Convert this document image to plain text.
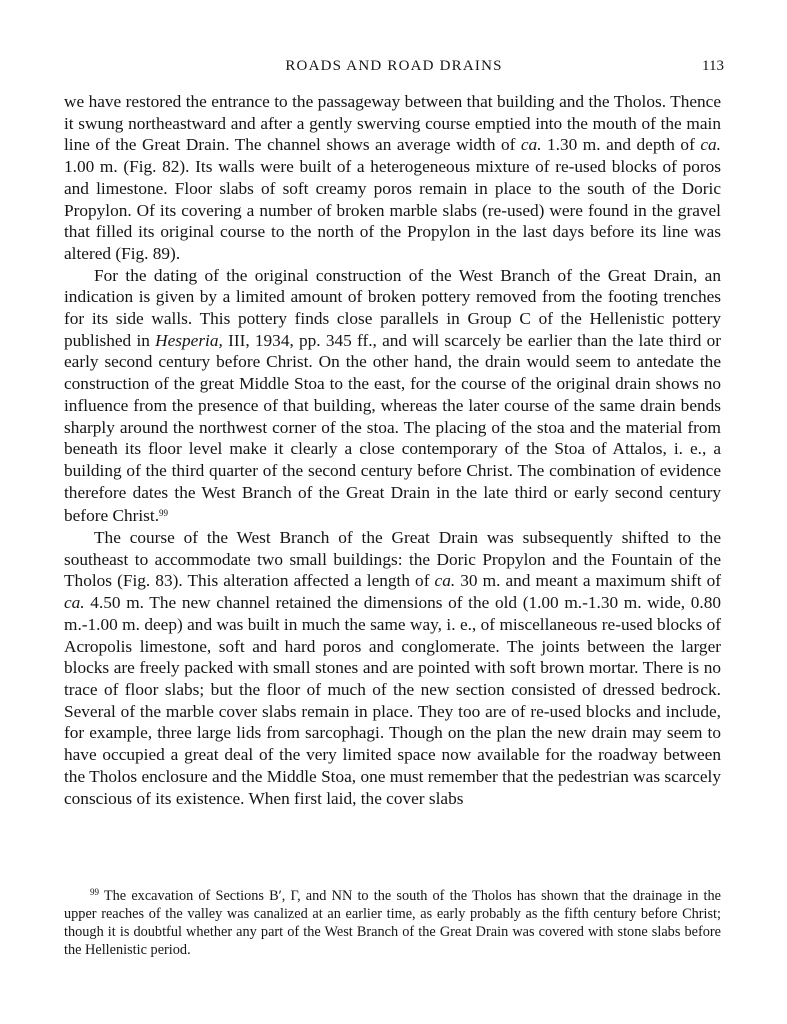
ROADS AND ROAD DRAINS	113

we have restored the entrance to the passageway between that building and the Tholos. Thence it swung northeastward and after a gently swerving course emptied into the mouth of the main line of the Great Drain. The channel shows an average width of ca. 1.30 m. and depth of ca. 1.00 m. (Fig. 82). Its walls were built of a heterogeneous mixture of re-used blocks of poros and limestone. Floor slabs of soft creamy poros remain in place to the south of the Doric Propylon. Of its covering a number of broken marble slabs (re-used) were found in the gravel that filled its original course to the north of the Propylon in the last days before its line was altered (Fig. 89).

For the dating of the original construction of the West Branch of the Great Drain, an indication is given by a limited amount of broken pottery removed from the footing trenches for its side walls. This pottery finds close parallels in Group C of the Hellenistic pottery published in Hesperia, III, 1934, pp. 345 ff., and will scarcely be earlier than the late third or early second century before Christ. On the other hand, the drain would seem to antedate the construction of the great Middle Stoa to the east, for the course of the original drain shows no influence from the presence of that building, whereas the later course of the same drain bends sharply around the northwest corner of the stoa. The placing of the stoa and the material from beneath its floor level make it clearly a close contemporary of the Stoa of Attalos, i. e., a building of the third quarter of the second century before Christ. The combination of evidence therefore dates the West Branch of the Great Drain in the late third or early second century before Christ.$^{99}$

The course of the West Branch of the Great Drain was subsequently shifted to the southeast to accommodate two small buildings: the Doric Propylon and the Fountain of the Tholos (Fig. 83). This alteration affected a length of ca. 30 m. and meant a maximum shift of ca. 4.50 m. The new channel retained the dimensions of the old (1.00 m.-1.30 m. wide, 0.80 m.-1.00 m. deep) and was built in much the same way, i. e., of miscellaneous re-used blocks of Acropolis limestone, soft and hard poros and conglomerate. The joints between the larger blocks are freely packed with small stones and are pointed with soft brown mortar. There is no trace of floor slabs; but the floor of much of the new section consisted of dressed bedrock. Several of the marble cover slabs remain in place. They too are of re-used blocks and include, for example, three large lids from sarcophagi. Though on the plan the new drain may seem to have occupied a great deal of the very limited space now available for the roadway between the Tholos enclosure and the Middle Stoa, one must remember that the pedestrian was scarcely conscious of its existence. When first laid, the cover slabs

$^{99}$ The excavation of Sections B′, Γ, and NN to the south of the Tholos has shown that the drainage in the upper reaches of the valley was canalized at an earlier time, as early probably as the fifth century before Christ; though it is doubtful whether any part of the West Branch of the Great Drain was covered with stone slabs before the Hellenistic period.
